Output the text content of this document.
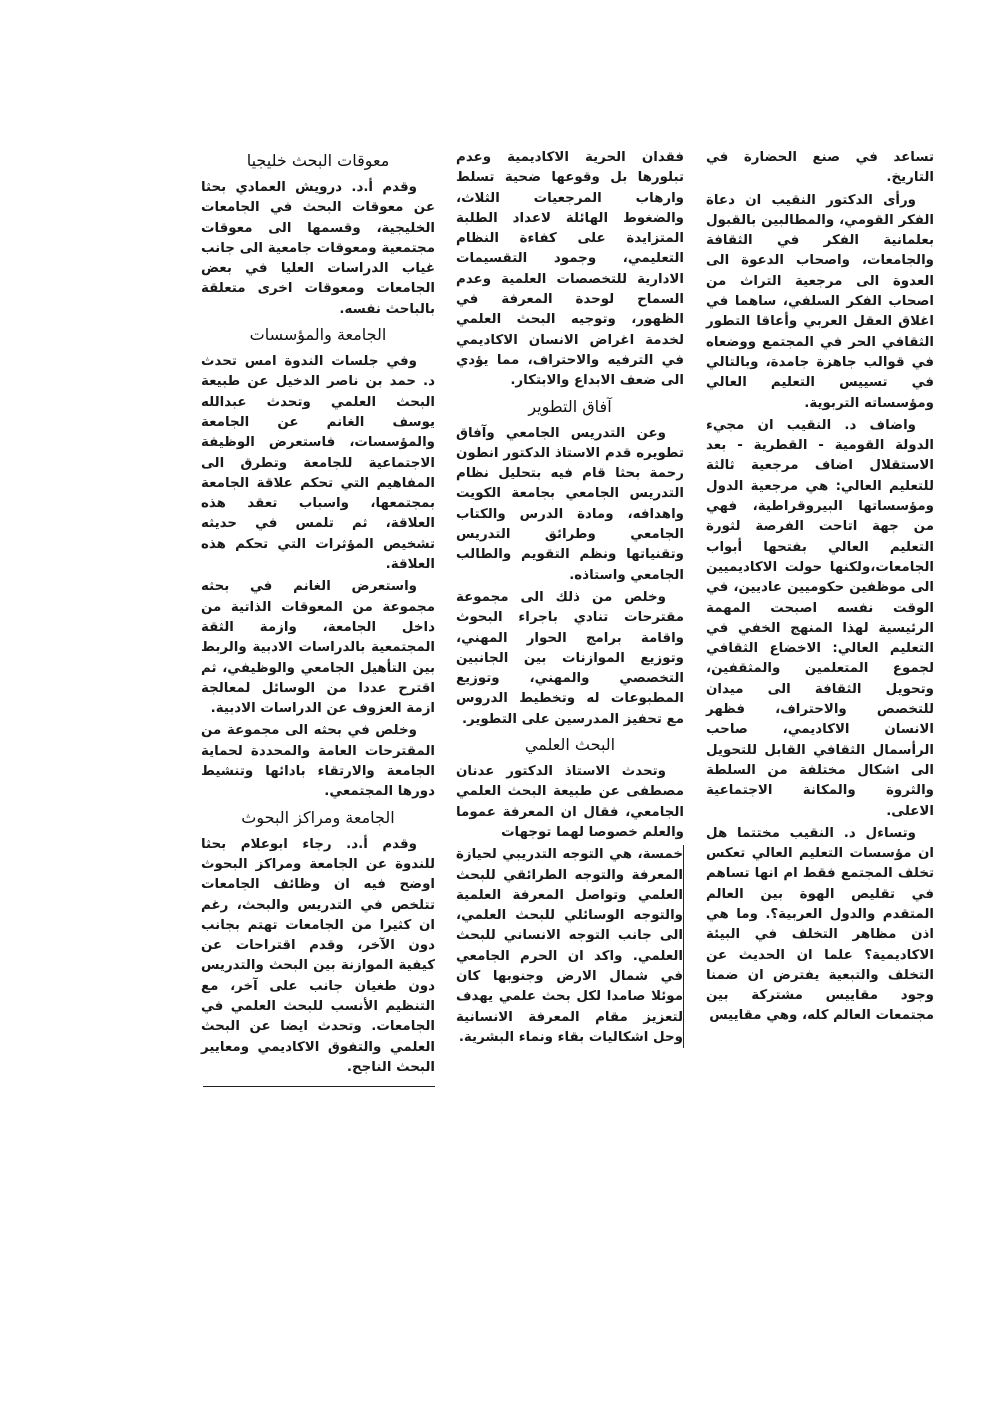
تساعد في صنع الحضارة في التاريخ.

ورأى الدكتور النقيب ان دعاة الفكر القومي، والمطالبين بالقبول بعلمانية الفكر في الثقافة والجامعات، واصحاب الدعوة الى العدوة الى مرجعية التراث من اصحاب الفكر السلفي، ساهما في اغلاق العقل العربي وأعاقا التطور الثقافي الحر في المجتمع ووضعاه في قوالب جاهزة جامدة، وبالتالي في تسييس التعليم العالي ومؤسساته التربوية.

واضاف د. النقيب ان مجيء الدولة القومية - القطرية - بعد الاستقلال اضاف مرجعية ثالثة للتعليم العالي: هي مرجعية الدول ومؤسساتها البيروقراطية، فهي من جهة اتاحت الفرصة لثورة التعليم العالي بفتحها أبواب الجامعات،ولكنها حولت الاكاديميين الى موظفين حكوميين عاديين، في الوقت نفسه اصبحت المهمة الرئيسية لهذا المنهج الخفي في التعليم العالي: الاخضاع الثقافي لجموع المتعلمين والمثقفين، وتحويل الثقافة الى ميدان للتخصص والاحتراف، فظهر الانسان الاكاديمي، صاحب الرأسمال الثقافي القابل للتحويل الى اشكال مختلفة من السلطة والثروة والمكانة الاجتماعية الاعلى.

وتساءل د. النقيب مختتما هل ان مؤسسات التعليم العالي تعكس تخلف المجتمع فقط ام انها تساهم في تقليص الهوة بين العالم المتقدم والدول العربية؟. وما هي اذن مظاهر التخلف في البيئة الاكاديمية؟ علما ان الحديث عن التخلف والتبعية يفترض ان ضمنا وجود مقاييس مشتركة بين مجتمعات العالم كله، وهي مقاييس

فقدان الحرية الاكاديمية وعدم تبلورها بل وقوعها ضحية تسلط وارهاب المرجعيات الثلاث، والضغوط الهائلة لاعداد الطلبة المتزايدة على كفاءة النظام التعليمي، وجمود التقسيمات الادارية للتخصصات العلمية وعدم السماح لوحدة المعرفة في الظهور، وتوجيه البحث العلمي لخدمة اغراض الانسان الاكاديمي في الترفيه والاحتراف، مما يؤدي الى ضعف الابداع والابتكار.

آفاق التطوير

وعن التدريس الجامعي وآفاق تطويره قدم الاستاذ الدكتور انطون رحمة بحثا قام فيه بتحليل نظام التدريس الجامعي بجامعة الكويت واهدافه، ومادة الدرس والكتاب الجامعي وطرائق التدريس وتقنياتها ونظم التقويم والطالب الجامعي واستاذه.

وخلص من ذلك الى مجموعة مقترحات تنادي باجراء البحوث واقامة برامج الحوار المهني، وتوزيع الموازنات بين الجانبين التخصصي والمهني، وتوزيع المطبوعات له وتخطيط الدروس مع تحفيز المدرسين على التطوير.

البحث العلمي

وتحدث الاستاذ الدكتور عدنان مصطفى عن طبيعة البحث العلمي الجامعي، فقال ان المعرفة عموما والعلم خصوصا لهما توجهات

خمسة، هي التوجه التدريبي لحيازة المعرفة والتوجه الطرائقي للبحث العلمي وتواصل المعرفة العلمية والتوجه الوسائلي للبحث العلمي، الى جانب التوجه الانساني للبحث العلمي. واكد ان الحرم الجامعي في شمال الارض وجنوبها كان موئلا صامدا لكل بحث علمي يهدف لتعزيز مقام المعرفة الانسانية وحل اشكاليات بقاء ونماء البشرية.

معوقات البحث خليجيا

وقدم أ.د. درويش العمادي بحثا عن معوقات البحث في الجامعات الخليجية، وقسمها الى معوقات مجتمعية ومعوقات جامعية الى جانب غياب الدراسات العليا في بعض الجامعات ومعوقات اخرى متعلقة بالباحث نفسه.

الجامعة والمؤسسات

وفي جلسات الندوة امس تحدث د. حمد بن ناصر الدخيل عن طبيعة البحث العلمي وتحدث عبدالله يوسف الغانم عن الجامعة والمؤسسات، فاستعرض الوظيفة الاجتماعية للجامعة وتطرق الى المفاهيم التي تحكم علاقة الجامعة بمجتمعها، واسباب تعقد هذه العلاقة، ثم تلمس في حديثه تشخيص المؤثرات التي تحكم هذه العلاقة.

واستعرض الغانم في بحثه مجموعة من المعوقات الذاتية من داخل الجامعة، وازمة الثقة المجتمعية بالدراسات الادبية والربط بين التأهيل الجامعي والوظيفي، ثم اقترح عددا من الوسائل لمعالجة ازمة العزوف عن الدراسات الادبية.

وخلص في بحثه الى مجموعة من المقترحات العامة والمحددة لحماية الجامعة والارتقاء بادائها وتنشيط دورها المجتمعي.

الجامعة ومراكز البحوث

وقدم أ.د. رجاء ابوعلام بحثا للندوة عن الجامعة ومراكز البحوث اوضح فيه ان وظائف الجامعات تتلخص في التدريس والبحث، رغم ان كثيرا من الجامعات تهتم بجانب دون الآخر، وقدم اقتراحات عن كيفية الموازنة بين البحث والتدريس دون طغيان جانب على آخر، مع التنظيم الأنسب للبحث العلمي في الجامعات. وتحدث ايضا عن البحث العلمي والتفوق الاكاديمي ومعايير البحث الناجح.
